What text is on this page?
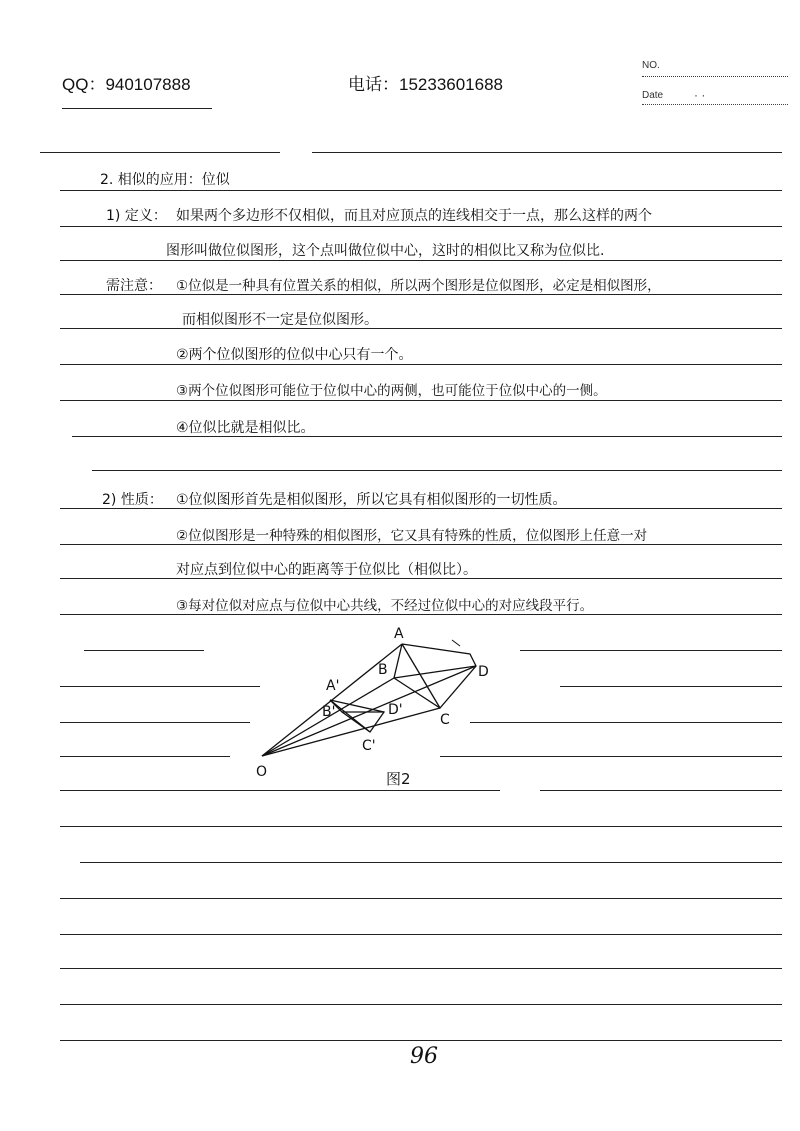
QQ：940107888	电话：15233601688
NO.
Date	· ·
2. 相似的应用：位似
1) 定义： 如果两个多边形不仅相似，而且对应顶点的连线相交于一点，那么这样的两个
图形叫做位似图形，这个点叫做位似中心，这时的相似比又称为位似比.
需注意： ①位似是一种具有位置关系的相似，所以两个图形是位似图形，必定是相似图形，
而相似图形不一定是位似图形。
②两个位似图形的位似中心只有一个。
③两个位似图形可能位于位似中心的两侧，也可能位于位似中心的一侧。
④位似比就是相似比。
2) 性质： ①位似图形首先是相似图形，所以它具有相似图形的一切性质。
②位似图形是一种特殊的相似图形，它又具有特殊的性质，位似图形上任意一对
对应点到位似中心的距离等于位似比（相似比）。
③每对位似对应点与位似中心共线，不经过位似中心的对应线段平行。
A
B
C
D
A'
B'
C'
D'
O	图2
96
